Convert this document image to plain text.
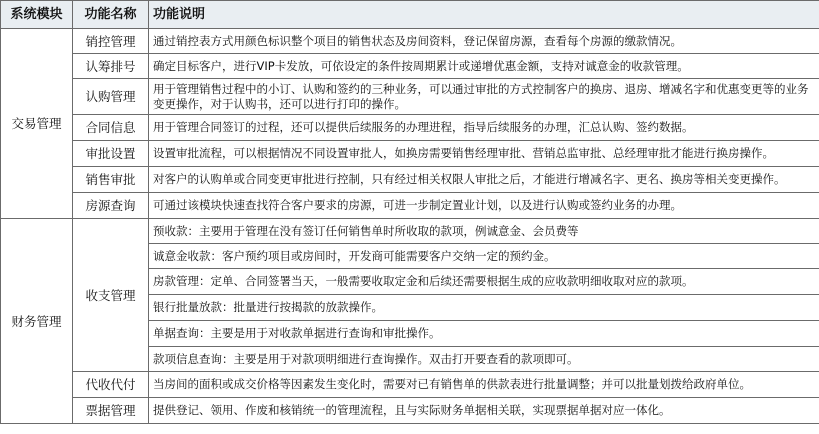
系统模块	功能名称	功能说明
交易管理	销控管理	通过销控表方式用颜色标识整个项目的销售状态及房间资料，登记保留房源，查看每个房源的缴款情况。
	认筹排号	确定目标客户，进行VIP卡发放，可依设定的条件按周期累计或递增优惠金额，支持对诚意金的收款管理。
	认购管理	用于管理销售过程中的小订、认购和签约的三种业务，可以通过审批的方式控制客户的换房、退房、增减名字和优惠变更等的业务变更操作，对于认购书，还可以进行打印的操作。
	合同信息	用于管理合同签订的过程，还可以提供后续服务的办理进程，指导后续服务的办理，汇总认购、签约数据。
	审批设置	设置审批流程，可以根据情况不同设置审批人，如换房需要销售经理审批、营销总监审批、总经理审批才能进行换房操作。
	销售审批	对客户的认购单或合同变更审批进行控制，只有经过相关权限人审批之后，才能进行增减名字、更名、换房等相关变更操作。
	房源查询	可通过该模块快速查找符合客户要求的房源，可进一步制定置业计划，以及进行认购或签约业务的办理。
财务管理	收支管理	预收款：主要用于管理在没有签订任何销售单时所收取的款项，例诚意金、会员费等
		诚意金收款：客户预约项目或房间时，开发商可能需要客户交纳一定的预约金。
		房款管理：定单、合同签署当天，一般需要收取定金和后续还需要根据生成的应收款明细收取对应的款项。
		银行批量放款：批量进行按揭款的放款操作。
		单据查询：主要是用于对收款单据进行查询和审批操作。
		款项信息查询：主要是用于对款项明细进行查询操作。双击打开要查看的款项即可。
	代收代付	当房间的面积或成交价格等因素发生变化时，需要对已有销售单的供款表进行批量调整；并可以批量划拨给政府单位。
	票据管理	提供登记、领用、作废和核销统一的管理流程，且与实际财务单据相关联，实现票据单据对应一体化。
